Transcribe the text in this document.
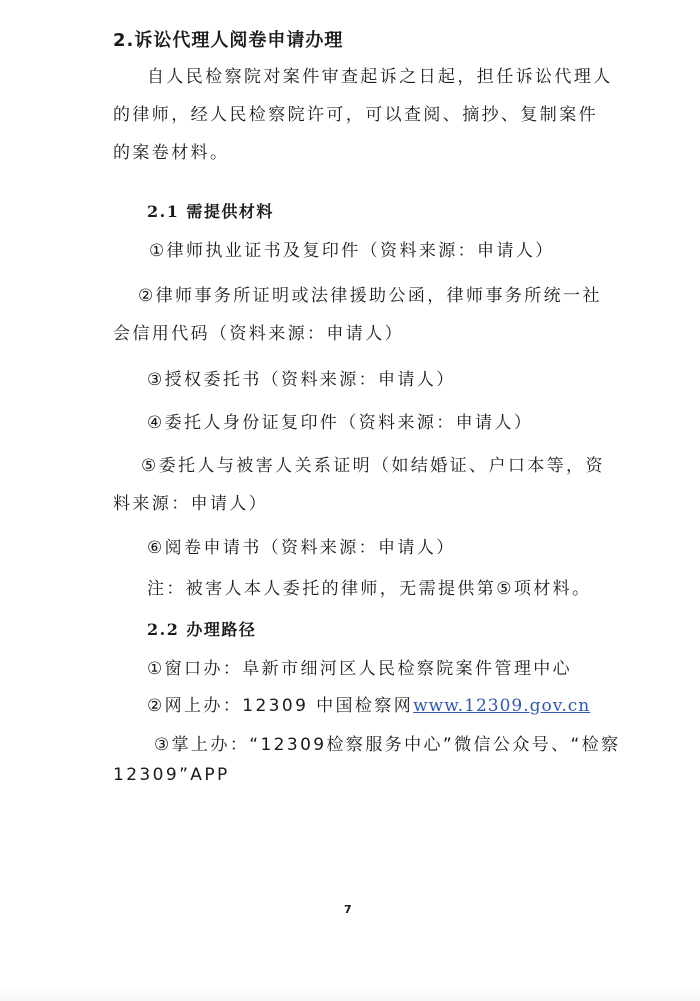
2.诉讼代理人阅卷申请办理
自人民检察院对案件审查起诉之日起，担任诉讼代理人
的律师，经人民检察院许可，可以查阅、摘抄、复制案件
的案卷材料。
2.1 需提供材料
①律师执业证书及复印件（资料来源：申请人）
②律师事务所证明或法律援助公函，律师事务所统一社
会信用代码（资料来源：申请人）
③授权委托书（资料来源：申请人）
④委托人身份证复印件（资料来源：申请人）
⑤委托人与被害人关系证明（如结婚证、户口本等，资
料来源：申请人）
⑥阅卷申请书（资料来源：申请人）
注：被害人本人委托的律师，无需提供第⑤项材料。
2.2 办理路径
①窗口办：阜新市细河区人民检察院案件管理中心
②网上办：12309 中国检察网www.12309.gov.cn
③掌上办：“12309检察服务中心”微信公众号、“检察
12309”APP
7
